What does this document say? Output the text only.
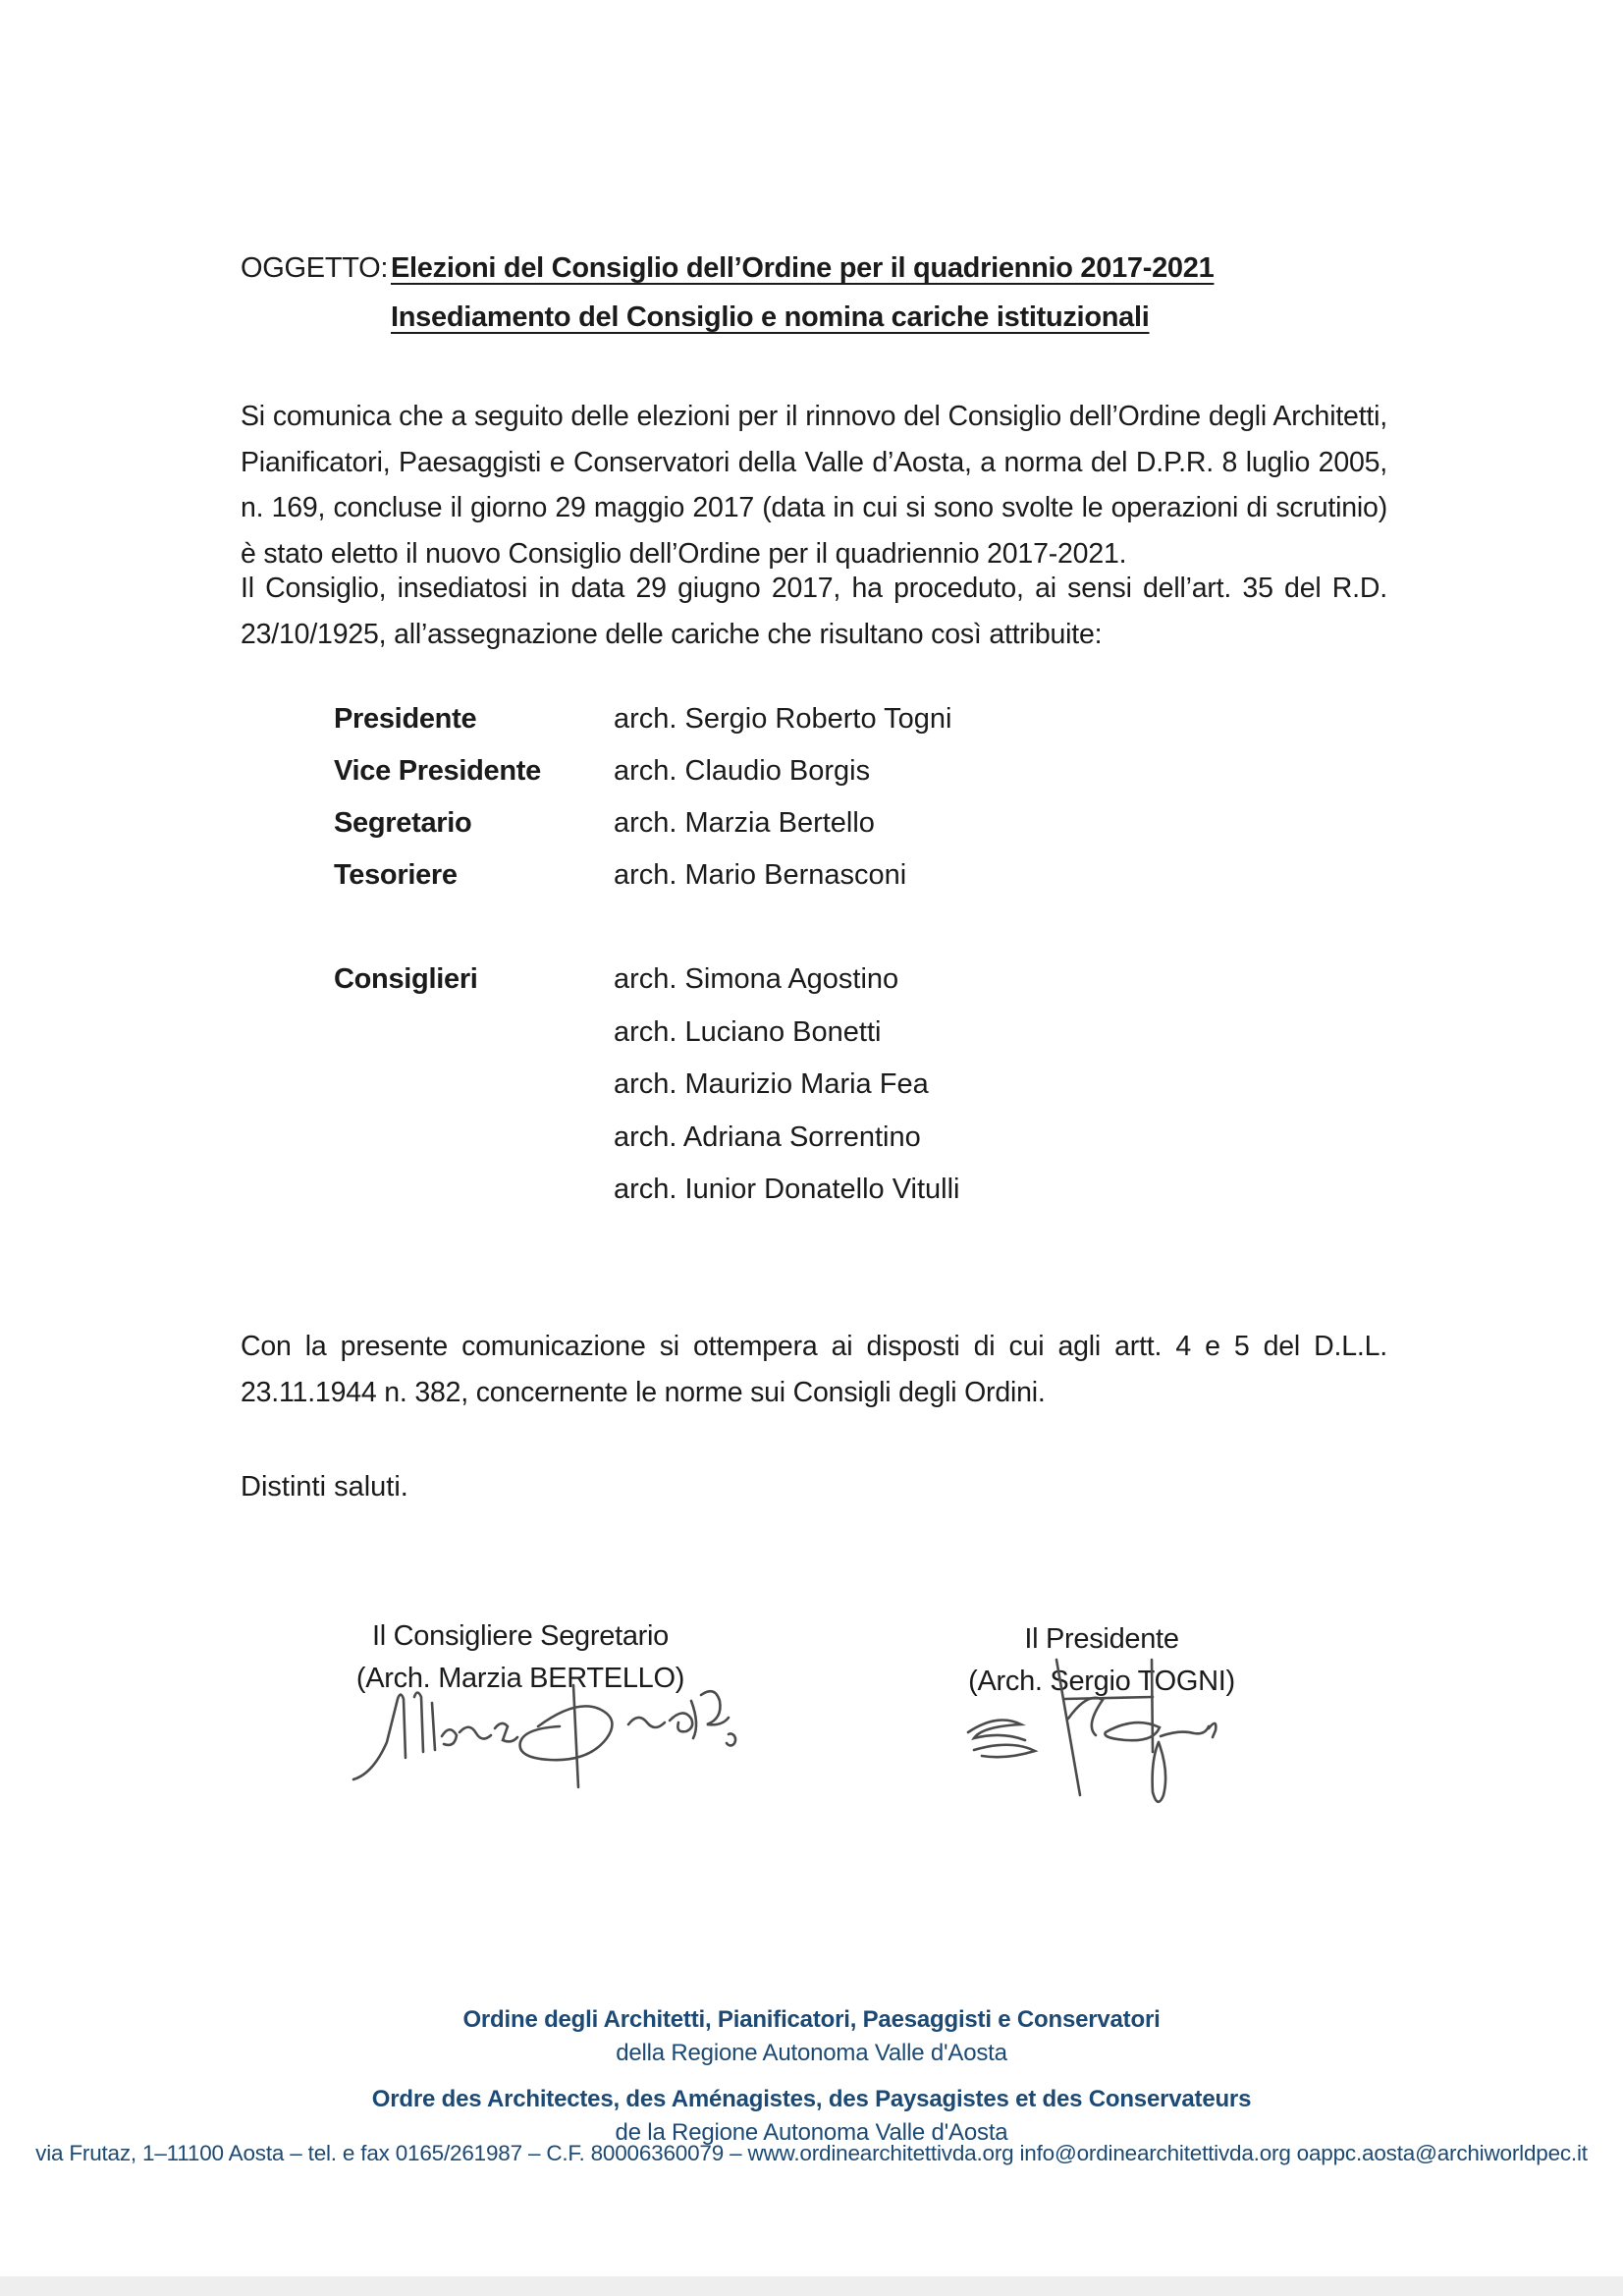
OGGETTO: Elezioni del Consiglio dell’Ordine per il quadriennio 2017-2021
Insediamento del Consiglio e nomina cariche istituzionali
Si comunica che a seguito delle elezioni per il rinnovo del Consiglio dell’Ordine degli Architetti, Pianificatori, Paesaggisti e Conservatori della Valle d’Aosta, a norma del D.P.R. 8 luglio 2005, n. 169, concluse il giorno 29 maggio 2017 (data in cui si sono svolte le operazioni di scrutinio) è stato eletto il nuovo Consiglio dell’Ordine per il quadriennio 2017-2021.
Il Consiglio, insediatosi in data 29 giugno 2017, ha proceduto, ai sensi dell’art. 35 del R.D. 23/10/1925, all’assegnazione delle cariche che risultano così attribuite:
Presidente	arch. Sergio Roberto Togni
Vice Presidente	arch. Claudio Borgis
Segretario	arch. Marzia Bertello
Tesoriere	arch. Mario Bernasconi
Consiglieri	arch. Simona Agostino
arch. Luciano Bonetti
arch. Maurizio Maria Fea
arch. Adriana Sorrentino
arch. Iunior Donatello Vitulli
Con la presente comunicazione si ottempera ai disposti di cui agli artt. 4 e 5 del D.L.L. 23.11.1944 n. 382, concernente le norme sui Consigli degli Ordini.
Distinti saluti.
Il Consigliere Segretario
(Arch. Marzia BERTELLO)
Il Presidente
(Arch. Sergio TOGNI)
Ordine degli Architetti, Pianificatori, Paesaggisti e Conservatori
della Regione Autonoma Valle d'Aosta
Ordre des Architectes, des Aménagistes, des Paysagistes et des Conservateurs
de la Regione Autonoma Valle d'Aosta
via Frutaz, 1–11100 Aosta – tel. e fax 0165/261987 – C.F. 80006360079 – www.ordinearchitettivda.org info@ordinearchitettivda.org oappc.aosta@archiworldpec.it
